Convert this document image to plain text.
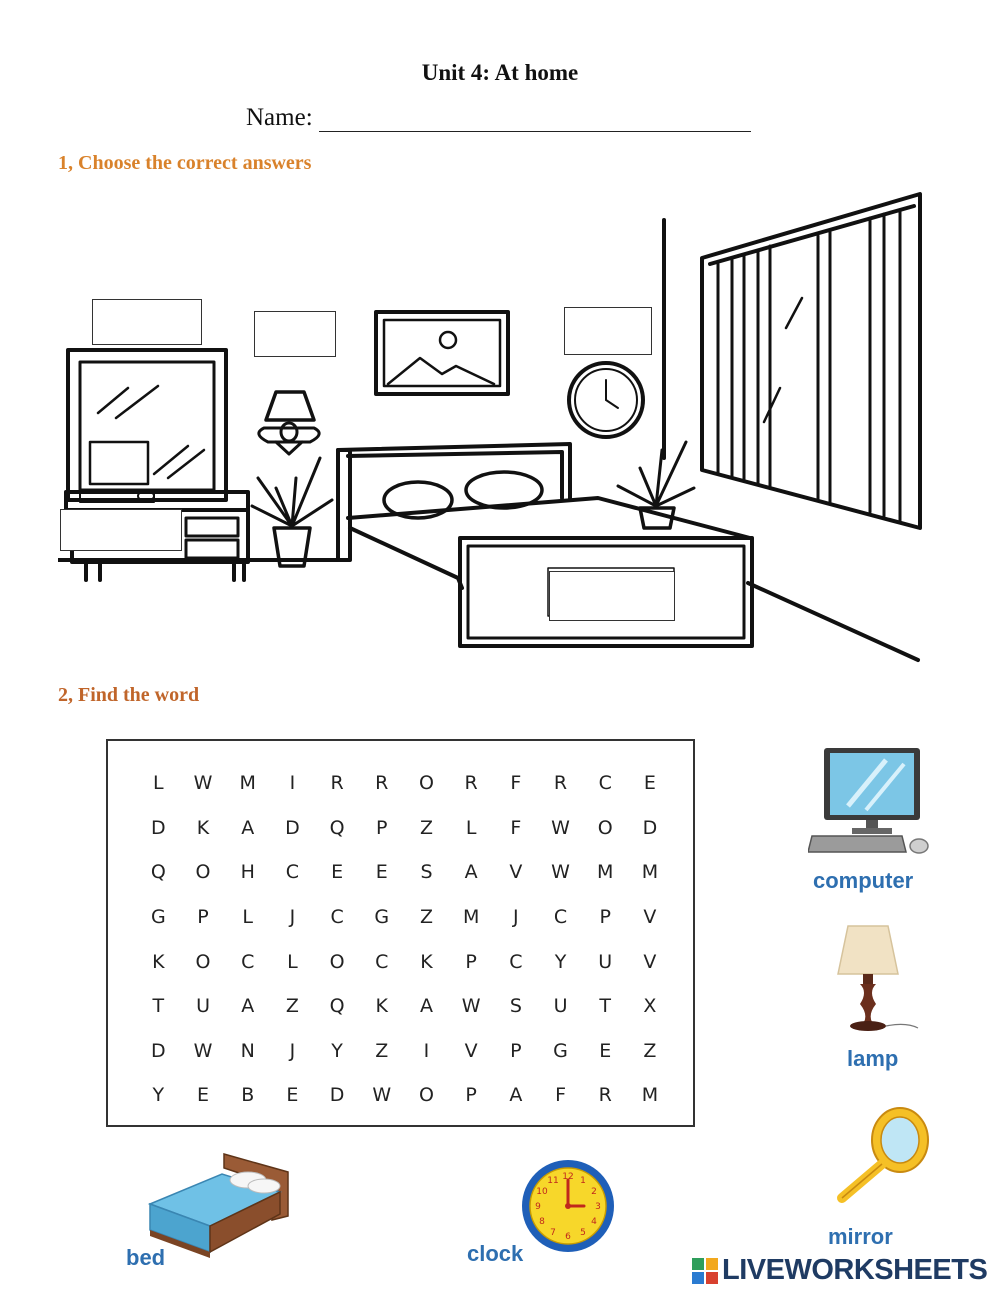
Unit 4: At home
Name:
1, Choose the correct answers
2, Find the word
L	W	M	I	R	R	O	R	F	R	C	E
D	K	A	D	Q	P	Z	L	F	W	O	D
Q	O	H	C	E	E	S	A	V	W	M	M
G	P	L	J	C	G	Z	M	J	C	P	V
K	O	C	L	O	C	K	P	C	Y	U	V
T	U	A	Z	Q	K	A	W	S	U	T	X
D	W	N	J	Y	Z	I	V	P	G	E	Z
Y	E	B	E	D	W	O	P	A	F	R	M
computer
lamp
mirror
bed
1
2
3
4
5
6
7
8
9
10
11 12
clock
LIVEWORKSHEETS
